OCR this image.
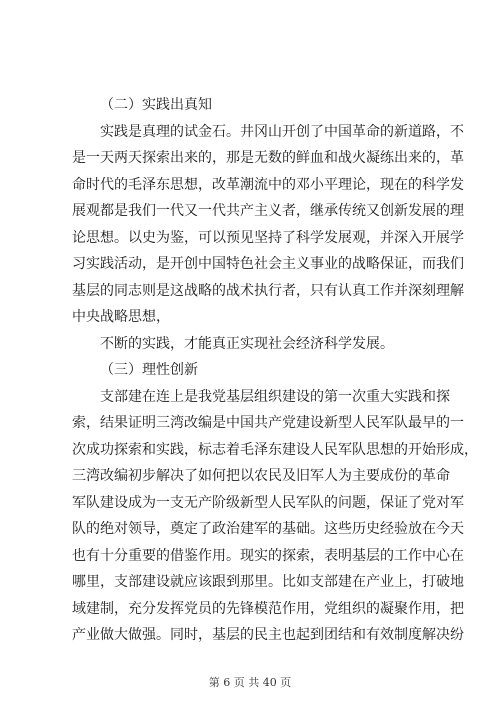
（二）实践出真知

实践是真理的试金石。井冈山开创了中国革命的新道路，不

是一天两天探索出来的，那是无数的鲜血和战火凝练出来的，革

命时代的毛泽东思想，改革潮流中的邓小平理论，现在的科学发

展观都是我们一代又一代共产主义者，继承传统又创新发展的理

论思想。以史为鉴，可以预见坚持了科学发展观，并深入开展学

习实践活动，是开创中国特色社会主义事业的战略保证，而我们

基层的同志则是这战略的战术执行者，只有认真工作并深刻理解

中央战略思想，

不断的实践，才能真正实现社会经济科学发展。

（三）理性创新

支部建在连上是我党基层组织建设的第一次重大实践和探

索，结果证明三湾改编是中国共产党建设新型人民军队最早的一

次成功探索和实践，标志着毛泽东建设人民军队思想的开始形成，

三湾改编初步解决了如何把以农民及旧军人为主要成份的革命

军队建设成为一支无产阶级新型人民军队的问题，保证了党对军

队的绝对领导，奠定了政治建军的基础。这些历史经验放在今天

也有十分重要的借鉴作用。现实的探索，表明基层的工作中心在

哪里，支部建设就应该跟到那里。比如支部建在产业上，打破地

域建制，充分发挥党员的先锋模范作用，党组织的凝聚作用，把

产业做大做强。同时，基层的民主也起到团结和有效制度解决纷

第 6 页 共 40 页
